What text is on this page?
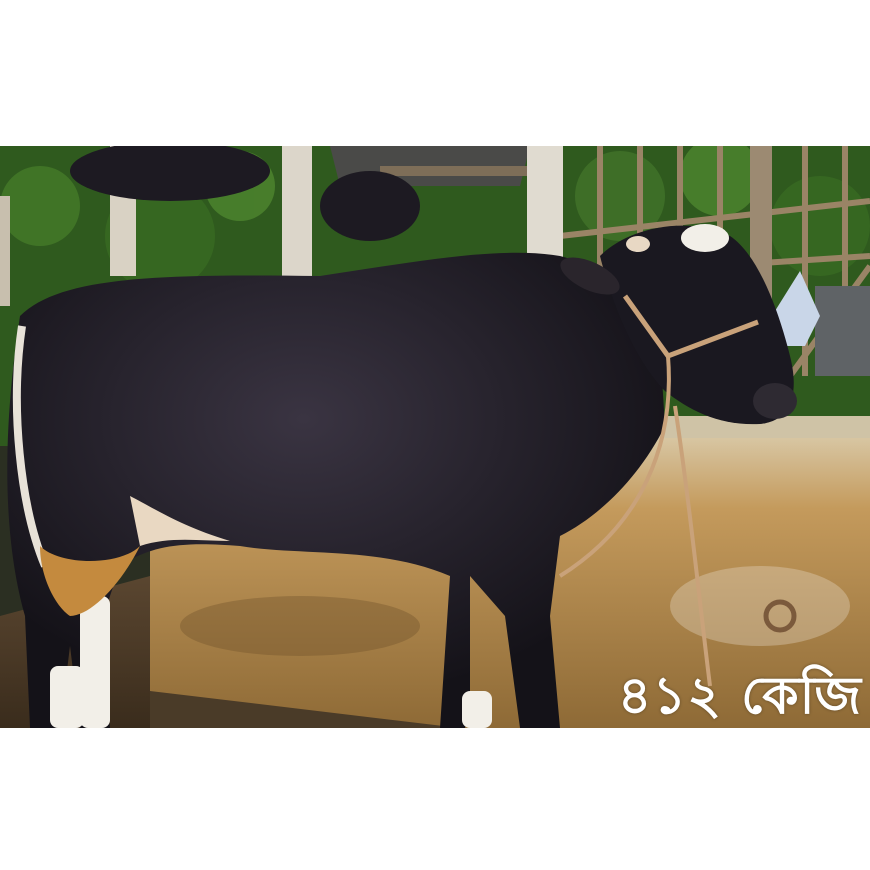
৪১২ কেজি
